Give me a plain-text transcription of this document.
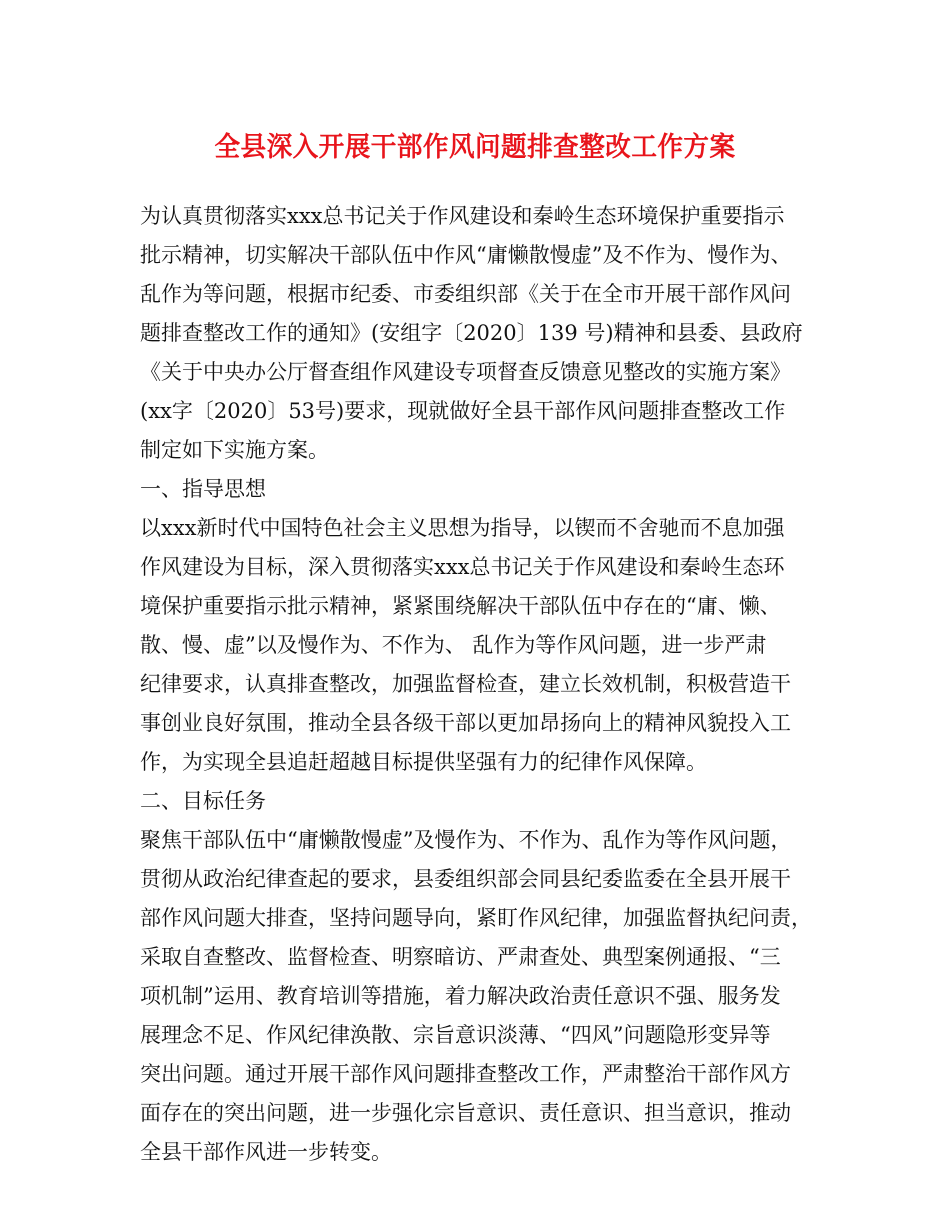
全县深入开展干部作风问题排查整改工作方案
为认真贯彻落实xxx总书记关于作风建设和秦岭生态环境保护重要指示
批示精神，切实解决干部队伍中作风“庸懒散慢虚”及不作为、慢作为、
乱作为等问题，根据市纪委、市委组织部《关于在全市开展干部作风问
题排查整改工作的通知》(安组字〔2020〕139 号)精神和县委、县政府
《关于中央办公厅督查组作风建设专项督查反馈意见整改的实施方案》
(xx字〔2020〕53号)要求，现就做好全县干部作风问题排查整改工作
制定如下实施方案。
一、指导思想
以xxx新时代中国特色社会主义思想为指导，以锲而不舍驰而不息加强
作风建设为目标，深入贯彻落实xxx总书记关于作风建设和秦岭生态环
境保护重要指示批示精神，紧紧围绕解决干部队伍中存在的“庸、懒、
散、慢、虚”以及慢作为、不作为、 乱作为等作风问题，进一步严肃
纪律要求，认真排查整改，加强监督检查，建立长效机制，积极营造干
事创业良好氛围，推动全县各级干部以更加昂扬向上的精神风貌投入工
作，为实现全县追赶超越目标提供坚强有力的纪律作风保障。
二、目标任务
聚焦干部队伍中“庸懒散慢虚”及慢作为、不作为、乱作为等作风问题，
贯彻从政治纪律查起的要求，县委组织部会同县纪委监委在全县开展干
部作风问题大排查，坚持问题导向，紧盯作风纪律，加强监督执纪问责，
采取自查整改、监督检查、明察暗访、严肃查处、典型案例通报、“三
项机制”运用、教育培训等措施，着力解决政治责任意识不强、服务发
展理念不足、作风纪律涣散、宗旨意识淡薄、“四风”问题隐形变异等
突出问题。通过开展干部作风问题排查整改工作，严肃整治干部作风方
面存在的突出问题，进一步强化宗旨意识、责任意识、担当意识，推动
全县干部作风进一步转变。
